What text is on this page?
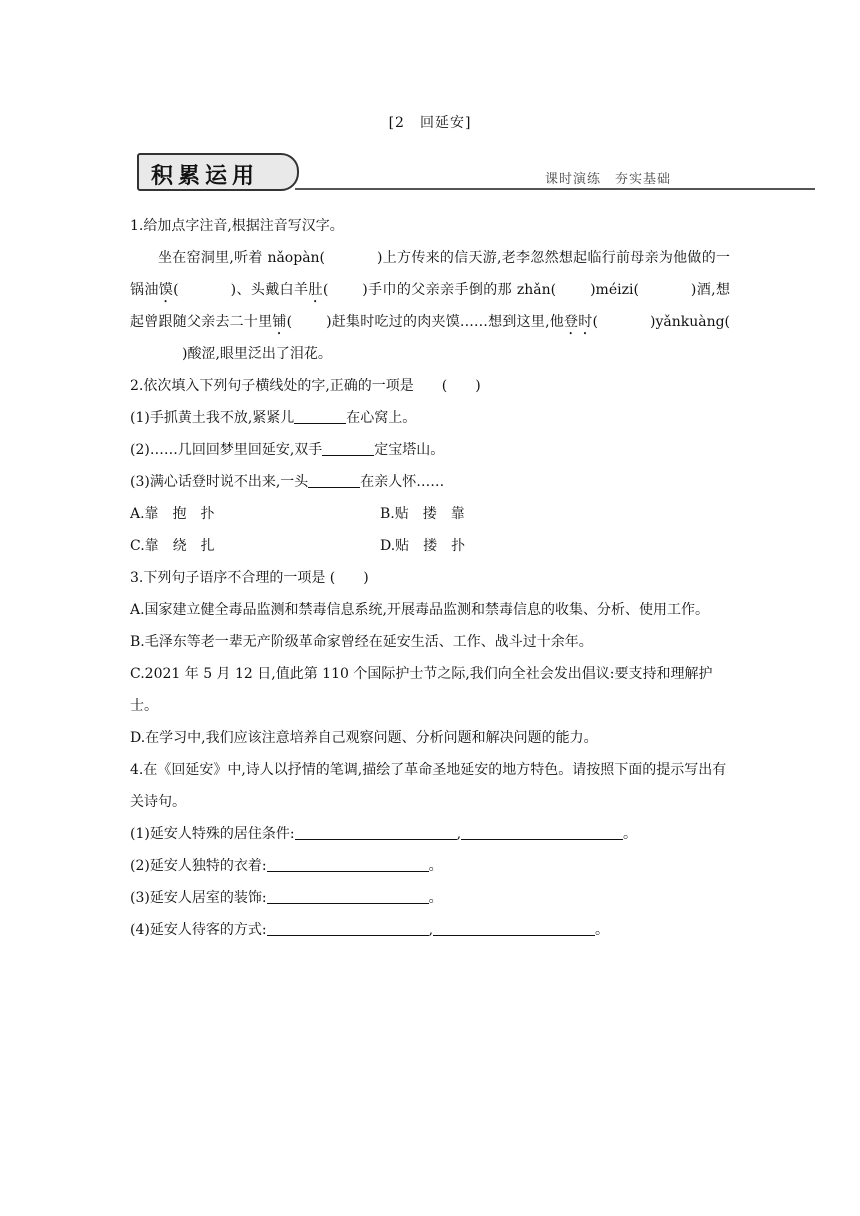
[2　回延安]
积累运用	课时演练　夯实基础

1.给加点字注音,根据注音写汉字。

坐在窑洞里,听着 nǎopàn(	)上方传来的信天游,老李忽然想起临行前母亲为他做的一锅油馍(	)、头戴白羊肚( )手巾的父亲亲手倒的那 zhǎn( )méizi(	)酒,想起曾跟随父亲去二十里铺( )赶集时吃过的肉夹馍……想到这里,他登时(	)yǎnkuàng()酸涩,眼里泛出了泪花。

2.依次填入下列句子横线处的字,正确的一项是　　(　　)

(1)手抓黄土我不放,紧紧儿	在心窝上。

(2)……几回回梦里回延安,双手	定宝塔山。

(3)满心话登时说不出来,一头	在亲人怀……

A.靠　抱　扑	B.贴　搂　靠
C.靠　绕　扎	D.贴　搂　扑

3.下列句子语序不合理的一项是 (　　)

A.国家建立健全毒品监测和禁毒信息系统,开展毒品监测和禁毒信息的收集、分析、使用工作。

B.毛泽东等老一辈无产阶级革命家曾经在延安生活、工作、战斗过十余年。

C.2021 年 5 月 12 日,值此第 110 个国际护士节之际,我们向全社会发出倡议:要支持和理解护士。

D.在学习中,我们应该注意培养自己观察问题、分析问题和解决问题的能力。

4.在《回延安》中,诗人以抒情的笔调,描绘了革命圣地延安的地方特色。请按照下面的提示写出有关诗句。

(1)延安人特殊的居住条件:	,	。

(2)延安人独特的衣着:	。

(3)延安人居室的装饰:	。

(4)延安人待客的方式:	,	。
